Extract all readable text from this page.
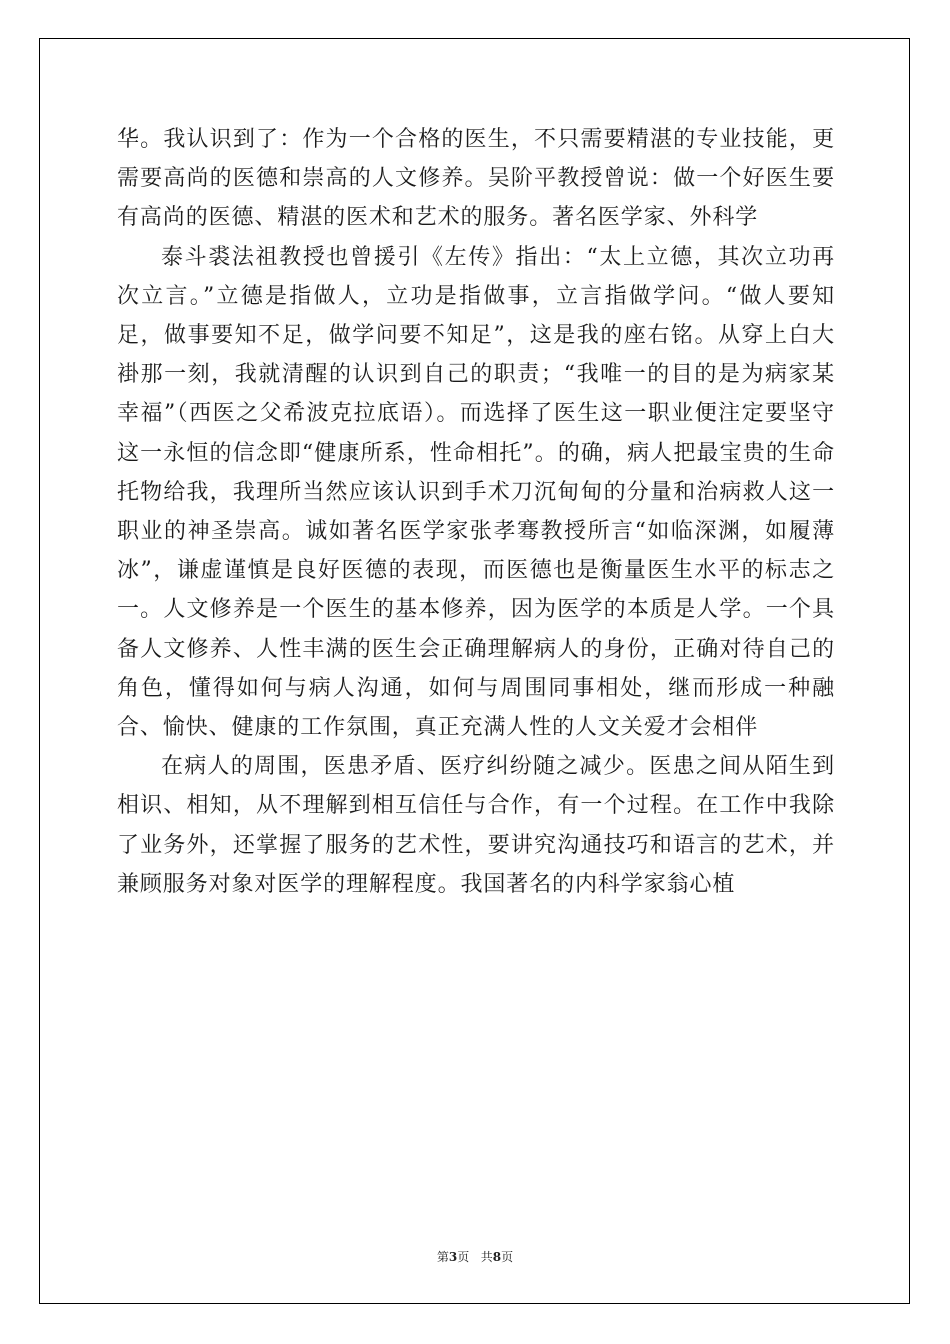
华。我认识到了：作为一个合格的医生，不只需要精湛的专业技能，更需要高尚的医德和崇高的人文修养。吴阶平教授曾说：做一个好医生要有高尚的医德、精湛的医术和艺术的服务。著名医学家、外科学

泰斗裘法祖教授也曾援引《左传》指出：“太上立德，其次立功再次立言。”立德是指做人，立功是指做事，立言指做学问。“做人要知足，做事要知不足，做学问要不知足”，这是我的座右铭。从穿上白大褂那一刻，我就清醒的认识到自己的职责；“我唯一的目的是为病家某幸福”（西医之父希波克拉底语）。而选择了医生这一职业便注定要坚守这一永恒的信念即“健康所系，性命相托”。的确，病人把最宝贵的生命托物给我，我理所当然应该认识到手术刀沉甸甸的分量和治病救人这一职业的神圣崇高。诚如著名医学家张孝骞教授所言“如临深渊，如履薄冰”，谦虚谨慎是良好医德的表现，而医德也是衡量医生水平的标志之一。人文修养是一个医生的基本修养，因为医学的本质是人学。一个具备人文修养、人性丰满的医生会正确理解病人的身份，正确对待自己的角色，懂得如何与病人沟通，如何与周围同事相处，继而形成一种融合、愉快、健康的工作氛围，真正充满人性的人文关爱才会相伴

在病人的周围，医患矛盾、医疗纠纷随之减少。医患之间从陌生到相识、相知，从不理解到相互信任与合作，有一个过程。在工作中我除了业务外，还掌握了服务的艺术性，要讲究沟通技巧和语言的艺术，并兼顾服务对象对医学的理解程度。我国著名的内科学家翁心植

第3页 共8页
